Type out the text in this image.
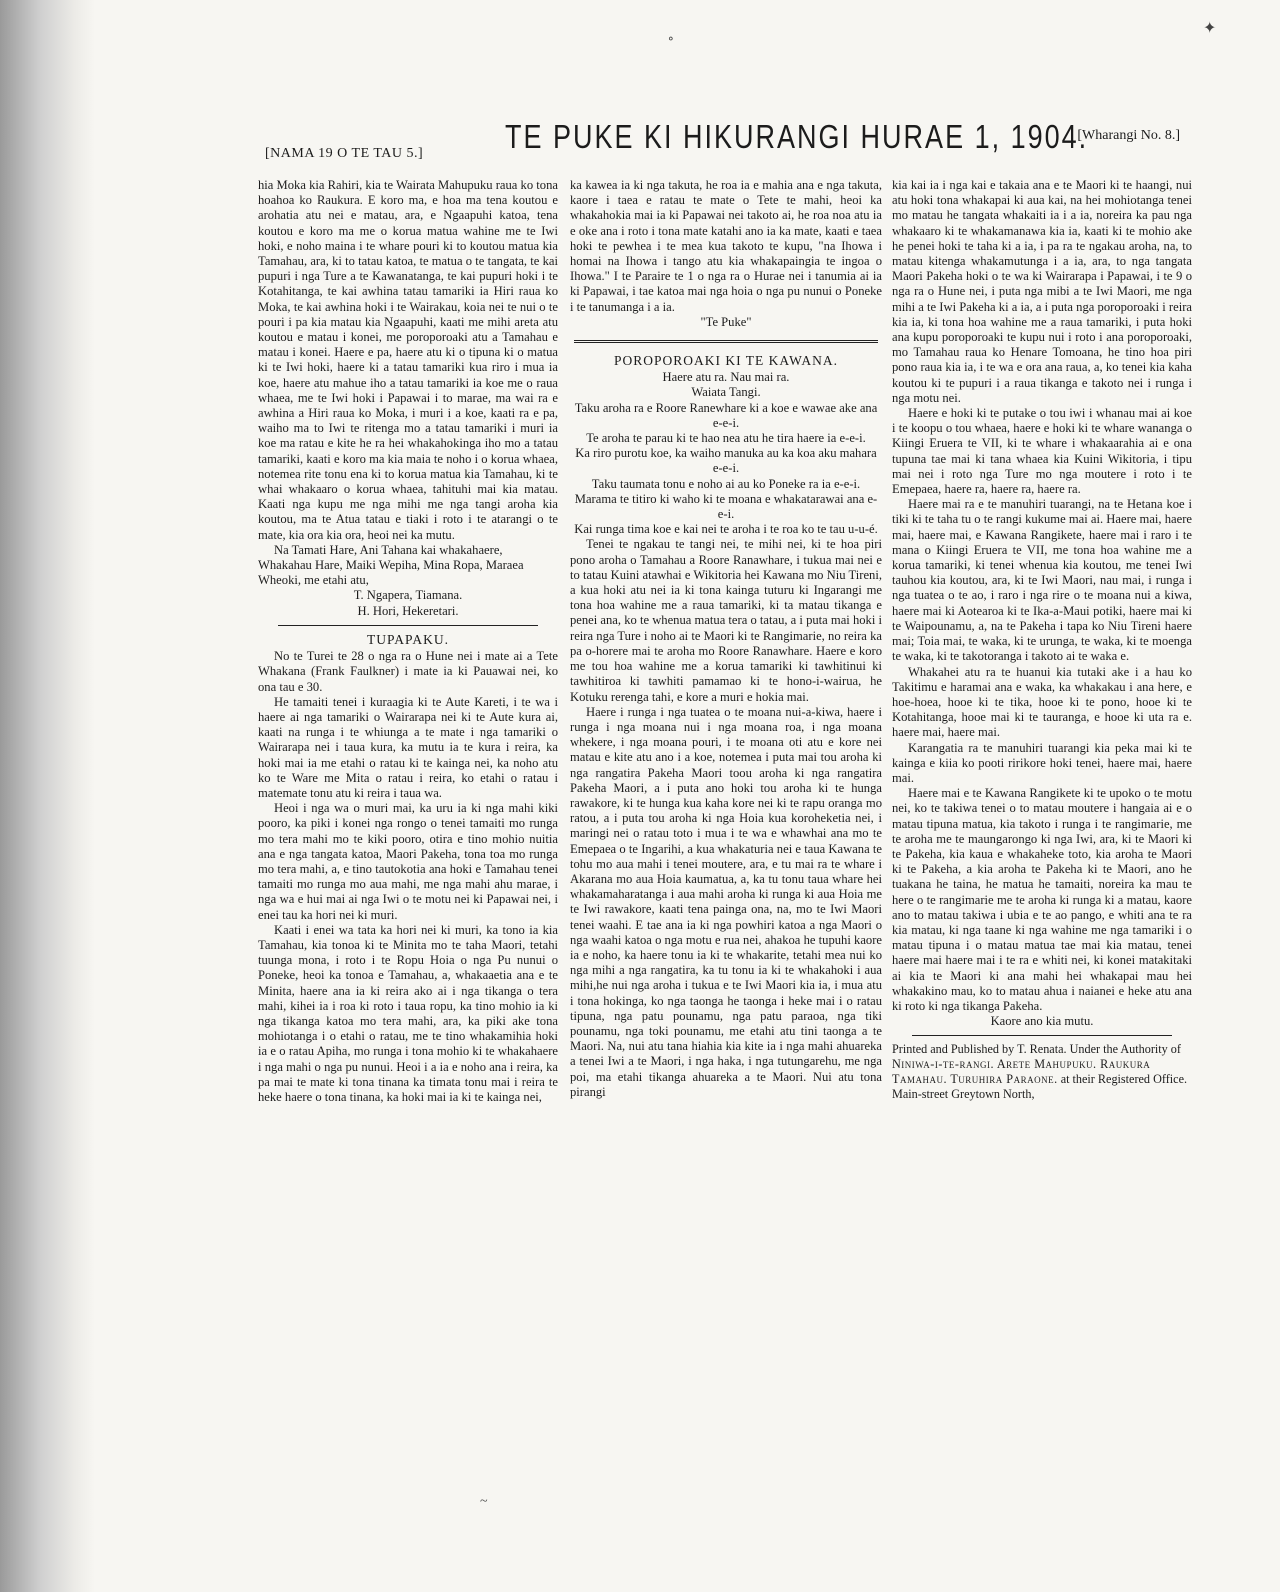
ᐤ
✦
~
[NAMA 19 O TE TAU 5.]	TE PUKE KI HIKURANGI HURAE 1, 1904.
[Wharangi No. 8.]

hia Moka kia Rahiri, kia te Wairata Mahupuku raua ko tona hoahoa ko Raukura. E koro ma, e hoa ma tena koutou e arohatia atu nei e matau, ara, e Ngaapuhi katoa, tena koutou e koro ma me o korua matua wahine me te Iwi hoki, e noho maina i te whare pouri ki to koutou matua kia Tamahau, ara, ki to tatau katoa, te matua o te tangata, te kai pupuri i nga Ture a te Kawanatanga, te kai pupuri hoki i te Kotahitanga, te kai awhina tatau tamariki ia Hiri raua ko Moka, te kai awhina hoki i te Wairakau, koia nei te nui o te pouri i pa kia matau kia Ngaapuhi, kaati me mihi areta atu koutou e matau i konei, me poroporoaki atu a Tamahau e matau i konei. Haere e pa, haere atu ki o tipuna ki o matua ki te Iwi hoki, haere ki a tatau tamariki kua riro i mua ia koe, haere atu mahue iho a tatau tamariki ia koe me o raua whaea, me te Iwi hoki i Papawai i to marae, ma wai ra e awhina a Hiri raua ko Moka, i muri i a koe, kaati ra e pa, waiho ma to Iwi te ritenga mo a tatau tamariki i muri ia koe ma ratau e kite he ra hei whakahokinga iho mo a tatau tamariki, kaati e koro ma kia maia te noho i o korua whaea, notemea rite tonu ena ki to korua matua kia Tamahau, ki te whai whakaaro o korua whaea, tahituhi mai kia matau. Kaati nga kupu me nga mihi me nga tangi aroha kia koutou, ma te Atua tatau e tiaki i roto i te atarangi o te mate, kia ora kia ora, heoi nei ka mutu.

Na Tamati Hare, Ani Tahana kai whakahaere, Whakahau Hare, Maiki Wepiha, Mina Ropa, Maraea Wheoki, me etahi atu,

T. Ngapera, Tiamana.

H. Hori, Hekeretari.

TUPAPAKU.

No te Turei te 28 o nga ra o Hune nei i mate ai a Tete Whakana (Frank Faulkner) i mate ia ki Pauawai nei, ko ona tau e 30.

He tamaiti tenei i kuraagia ki te Aute Kareti, i te wa i haere ai nga tamariki o Wairarapa nei ki te Aute kura ai, kaati na runga i te whiunga a te mate i nga tamariki o Wairarapa nei i taua kura, ka mutu ia te kura i reira, ka hoki mai ia me etahi o ratau ki te kainga nei, ka noho atu ko te Ware me Mita o ratau i reira, ko etahi o ratau i matemate tonu atu ki reira i taua wa.

Heoi i nga wa o muri mai, ka uru ia ki nga mahi kiki pooro, ka piki i konei nga rongo o tenei tamaiti mo runga mo tera mahi mo te kiki pooro, otira e tino mohio nuitia ana e nga tangata katoa, Maori Pakeha, tona toa mo runga mo tera mahi, a, e tino tautokotia ana hoki e Tamahau tenei tamaiti mo runga mo aua mahi, me nga mahi ahu marae, i nga wa e hui mai ai nga Iwi o te motu nei ki Papawai nei, i enei tau ka hori nei ki muri.

Kaati i enei wa tata ka hori nei ki muri, ka tono ia kia Tamahau, kia tonoa ki te Minita mo te taha Maori, tetahi tuunga mona, i roto i te Ropu Hoia o nga Pu nunui o Poneke, heoi ka tonoa e Tamahau, a, whakaaetia ana e te Minita, haere ana ia ki reira ako ai i nga tikanga o tera mahi, kihei ia i roa ki roto i taua ropu, ka tino mohio ia ki nga tikanga katoa mo tera mahi, ara, ka piki ake tona mohiotanga i o etahi o ratau, me te tino whakamihia hoki ia e o ratau Apiha, mo runga i tona mohio ki te whakahaere i nga mahi o nga pu nunui. Heoi i a ia e noho ana i reira, ka pa mai te mate ki tona tinana ka timata tonu mai i reira te heke haere o tona tinana, ka hoki mai ia ki te kainga nei,

ka kawea ia ki nga takuta, he roa ia e mahia ana e nga takuta, kaore i taea e ratau te mate o Tete te mahi, heoi ka whakahokia mai ia ki Papawai nei takoto ai, he roa noa atu ia e oke ana i roto i tona mate katahi ano ia ka mate, kaati e taea hoki te pewhea i te mea kua takoto te kupu, "na Ihowa i homai na Ihowa i tango atu kia whakapaingia te ingoa o Ihowa." I te Paraire te 1 o nga ra o Hurae nei i tanumia ai ia ki Papawai, i tae katoa mai nga hoia o nga pu nunui o Poneke i te tanumanga i a ia.

"Te Puke"

POROPOROAKI KI TE KAWANA.

Haere atu ra. Nau mai ra.

Waiata Tangi.

Taku aroha ra e Roore Ranewhare ki a koe e wawae ake ana e-e-i.

Te aroha te parau ki te hao nea atu he tira haere ia e-e-i.

Ka riro purotu koe, ka waiho manuka au ka koa aku mahara e-e-i.

Taku taumata tonu e noho ai au ko Poneke ra ia e-e-i.

Marama te titiro ki waho ki te moana e whakatarawai ana e-e-i.

Kai runga tima koe e kai nei te aroha i te roa ko te tau u-u-é.

Tenei te ngakau te tangi nei, te mihi nei, ki te hoa piri pono aroha o Tamahau a Roore Ranawhare, i tukua mai nei e to tatau Kuini atawhai e Wikitoria hei Kawana mo Niu Tireni, a kua hoki atu nei ia ki tona kainga tuturu ki Ingarangi me tona hoa wahine me a raua tamariki, ki ta matau tikanga e penei ana, ko te whenua matua tera o tatau, a i puta mai hoki i reira nga Ture i noho ai te Maori ki te Rangimarie, no reira ka pa o-horere mai te aroha mo Roore Ranawhare. Haere e koro me tou hoa wahine me a korua tamariki ki tawhitinui ki tawhitiroa ki tawhiti pamamao ki te hono-i-wairua, he Kotuku rerenga tahi, e kore a muri e hokia mai.

Haere i runga i nga tuatea o te moana nui-a-kiwa, haere i runga i nga moana nui i nga moana roa, i nga moana whekere, i nga moana pouri, i te moana oti atu e kore nei matau e kite atu ano i a koe, notemea i puta mai tou aroha ki nga rangatira Pakeha Maori toou aroha ki nga rangatira Pakeha Maori, a i puta ano hoki tou aroha ki te hunga rawakore, ki te hunga kua kaha kore nei ki te rapu oranga mo ratou, a i puta tou aroha ki nga Hoia kua koroheketia nei, i maringi nei o ratau toto i mua i te wa e whawhai ana mo te Emepaea o te Ingarihi, a kua whakaturia nei e taua Kawana te tohu mo aua mahi i tenei moutere, ara, e tu mai ra te whare i Akarana mo aua Hoia kaumatua, a, ka tu tonu taua whare hei whakamaharatanga i aua mahi aroha ki runga ki aua Hoia me te Iwi rawakore, kaati tena painga ona, na, mo te Iwi Maori tenei waahi. E tae ana ia ki nga powhiri katoa a nga Maori o nga waahi katoa o nga motu e rua nei, ahakoa he tupuhi kaore ia e noho, ka haere tonu ia ki te whakarite, tetahi mea nui ko nga mihi a nga rangatira, ka tu tonu ia ki te whakahoki i aua mihi,he nui nga aroha i tukua e te Iwi Maori kia ia, i mua atu i tona hokinga, ko nga taonga he taonga i heke mai i o ratau tipuna, nga patu pounamu, nga patu paraoa, nga tiki pounamu, nga toki pounamu, me etahi atu tini taonga a te Maori. Na, nui atu tana hiahia kia kite ia i nga mahi ahuareka a tenei Iwi a te Maori, i nga haka, i nga tutungarehu, me nga poi, ma etahi tikanga ahuareka a te Maori. Nui atu tona pirangi

kia kai ia i nga kai e takaia ana e te Maori ki te haangi, nui atu hoki tona whakapai ki aua kai, na hei mohiotanga tenei mo matau he tangata whakaiti ia i a ia, noreira ka pau nga whakaaro ki te whakamanawa kia ia, kaati ki te mohio ake he penei hoki te taha ki a ia, i pa ra te ngakau aroha, na, to matau kitenga whakamutunga i a ia, ara, to nga tangata Maori Pakeha hoki o te wa ki Wairarapa i Papawai, i te 9 o nga ra o Hune nei, i puta nga mibi a te Iwi Maori, me nga mihi a te Iwi Pakeha ki a ia, a i puta nga poroporoaki i reira kia ia, ki tona hoa wahine me a raua tamariki, i puta hoki ana kupu poroporoaki te kupu nui i roto i ana poroporoaki, mo Tamahau raua ko Henare Tomoana, he tino hoa piri pono raua kia ia, i te wa e ora ana raua, a, ko tenei kia kaha koutou ki te pupuri i a raua tikanga e takoto nei i runga i nga motu nei.

Haere e hoki ki te putake o tou iwi i whanau mai ai koe i te koopu o tou whaea, haere e hoki ki te whare wananga o Kiingi Eruera te VII, ki te whare i whakaarahia ai e ona tupuna tae mai ki tana whaea kia Kuini Wikitoria, i tipu mai nei i roto nga Ture mo nga moutere i roto i te Emepaea, haere ra, haere ra, haere ra.

Haere mai ra e te manuhiri tuarangi, na te Hetana koe i tiki ki te taha tu o te rangi kukume mai ai. Haere mai, haere mai, haere mai, e Kawana Rangikete, haere mai i raro i te mana o Kiingi Eruera te VII, me tona hoa wahine me a korua tamariki, ki tenei whenua kia koutou, me tenei Iwi tauhou kia koutou, ara, ki te Iwi Maori, nau mai, i runga i nga tuatea o te ao, i raro i nga rire o te moana nui a kiwa, haere mai ki Aotearoa ki te Ika-a-Maui potiki, haere mai ki te Waipounamu, a, na te Pakeha i tapa ko Niu Tireni haere mai; Toia mai, te waka, ki te urunga, te waka, ki te moenga te waka, ki te takotoranga i takoto ai te waka e.

Whakahei atu ra te huanui kia tutaki ake i a hau ko Takitimu e haramai ana e waka, ka whakakau i ana here, e hoe-hoea, hooe ki te tika, hooe ki te pono, hooe ki te Kotahitanga, hooe mai ki te tauranga, e hooe ki uta ra e. haere mai, haere mai.

Karangatia ra te manuhiri tuarangi kia peka mai ki te kainga e kiia ko pooti ririkore hoki tenei, haere mai, haere mai.

Haere mai e te Kawana Rangikete ki te upoko o te motu nei, ko te takiwa tenei o to matau moutere i hangaia ai e o matau tipuna matua, kia takoto i runga i te rangimarie, me te aroha me te maungarongo ki nga Iwi, ara, ki te Maori ki te Pakeha, kia kaua e whakaheke toto, kia aroha te Maori ki te Pakeha, a kia aroha te Pakeha ki te Maori, ano he tuakana he taina, he matua he tamaiti, noreira ka mau te here o te rangimarie me te aroha ki runga ki a matau, kaore ano to matau takiwa i ubia e te ao pango, e whiti ana te ra kia matau, ki nga taane ki nga wahine me nga tamariki i o matau tipuna i o matau matua tae mai kia matau, tenei haere mai haere mai i te ra e whiti nei, ki konei matakitaki ai kia te Maori ki ana mahi hei whakapai mau hei whakakino mau, ko to matau ahua i naianei e heke atu ana ki roto ki nga tikanga Pakeha.

Kaore ano kia mutu.

Printed and Published by T. Renata. Under the Authority of Niniwa-i-te-rangi. Arete Mahupuku. Raukura Tamahau. Turuhira Paraone. at their Registered Office. Main-street Greytown North,
